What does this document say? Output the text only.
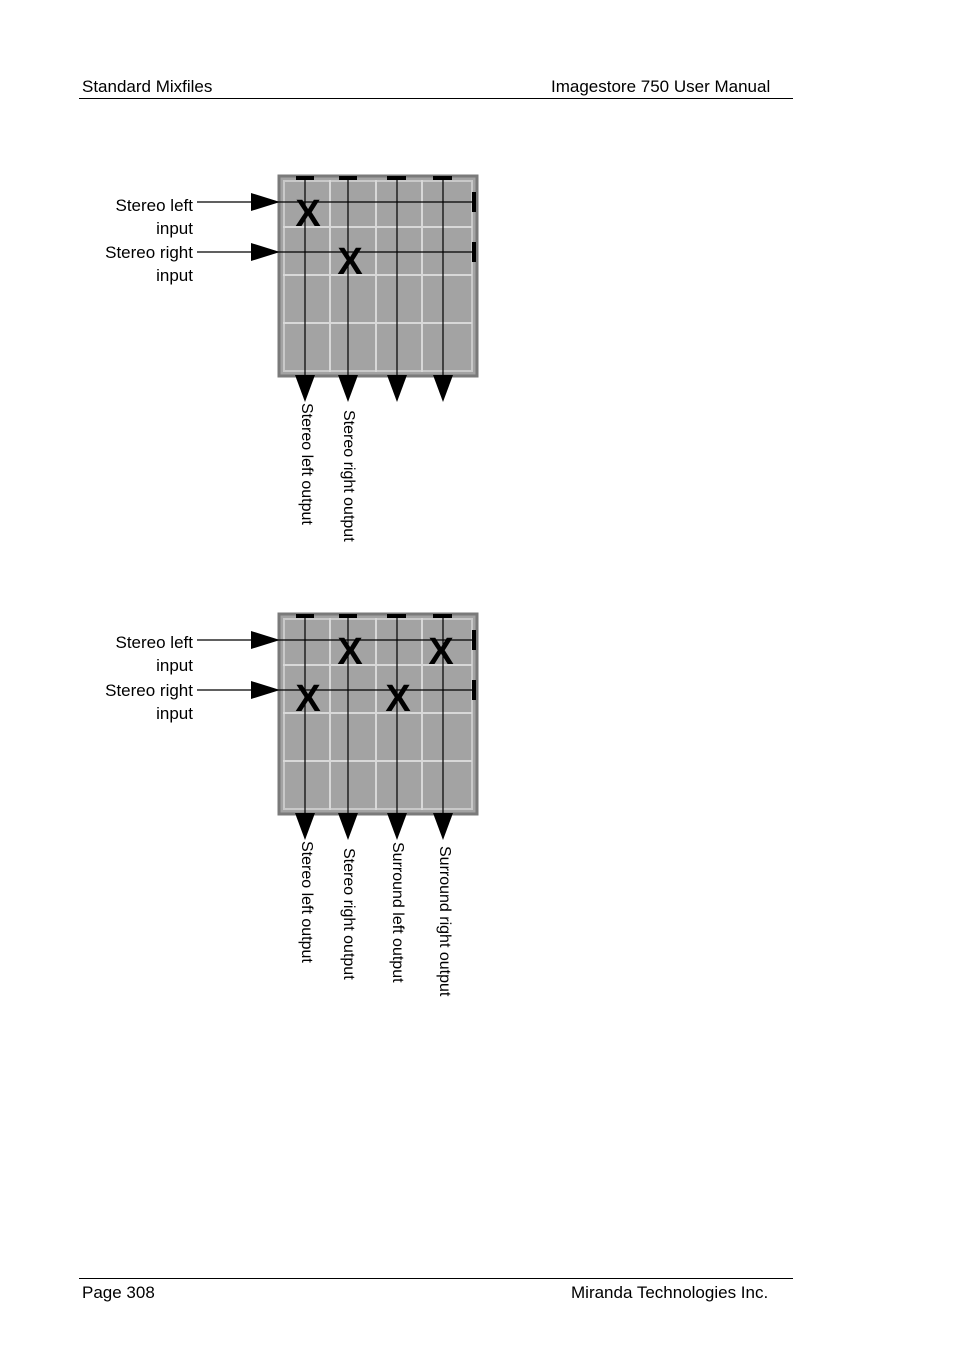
Standard Mixfiles	Imagestore 750 User Manual
X
X
Stereo left
input
Stereo right
input
Stereo left output Stereo right output
X X
X X
Stereo left
input
Stereo right
input
Stereo left output Stereo right output Surround left output Surround right output
Page 308	Miranda Technologies Inc.
